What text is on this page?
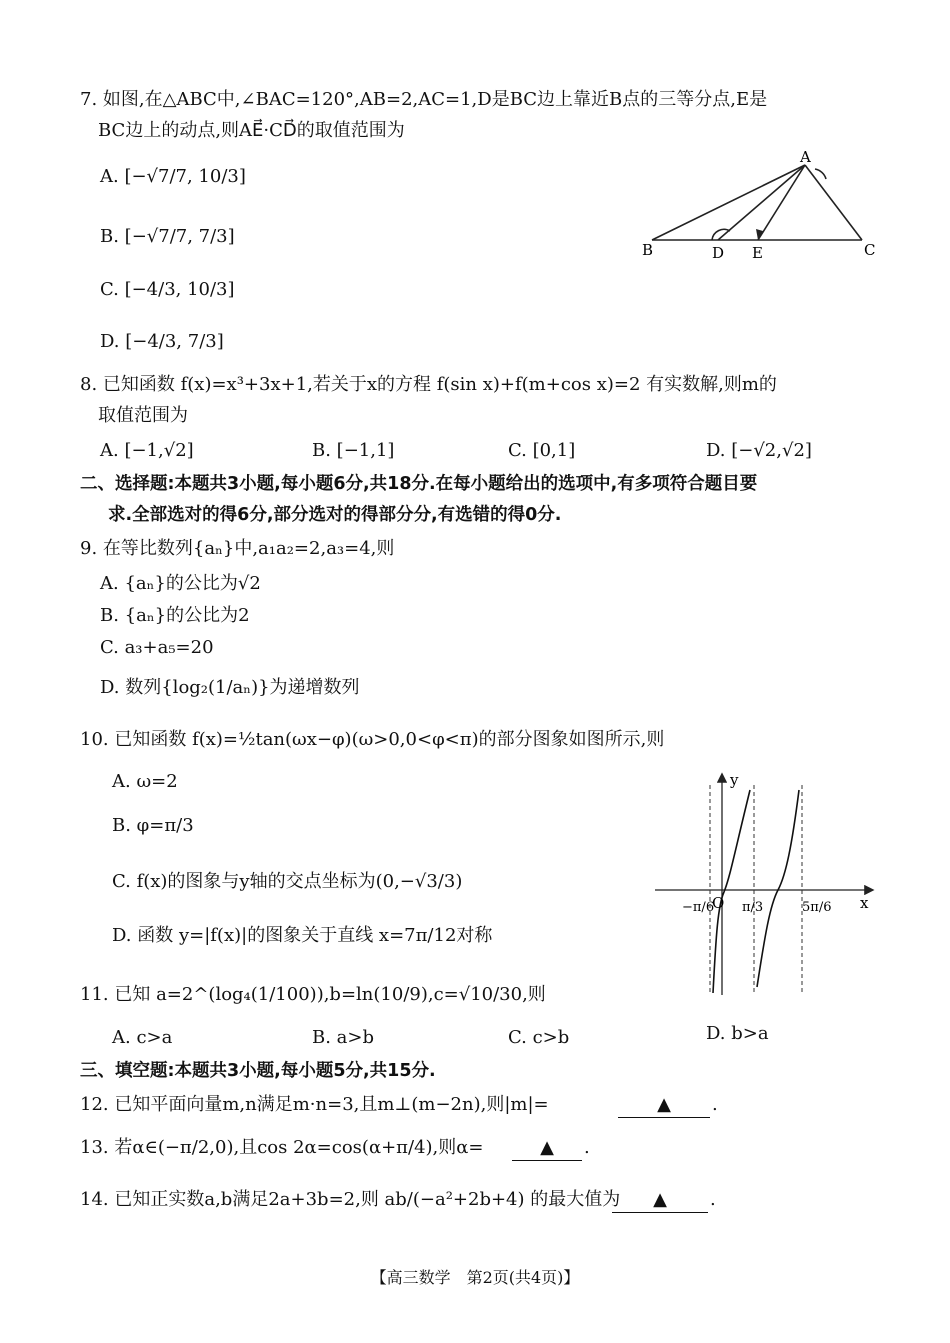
7. 如图,在△ABC中,∠BAC=120°,AB=2,AC=1,D是BC边上靠近B点的三等分点,E是
BC边上的动点,则AE⃗·CD⃗的取值范围为
A. [−√7/7, 10/3]
B. [−√7/7, 7/3]
C. [−4/3, 10/3]
D. [−4/3, 7/3]
A
B	C
D E
8. 已知函数 f(x)=x³+3x+1,若关于x的方程 f(sin x)+f(m+cos x)=2 有实数解,则m的
取值范围为
A. [−1,√2]	B. [−1,1]	C. [0,1]	D. [−√2,√2]
二、选择题:本题共3小题,每小题6分,共18分.在每小题给出的选项中,有多项符合题目要
求.全部选对的得6分,部分选对的得部分分,有选错的得0分.
9. 在等比数列{aₙ}中,a₁a₂=2,a₃=4,则
A. {aₙ}的公比为√2
B. {aₙ}的公比为2
C. a₃+a₅=20
D. 数列{log₂(1/aₙ)}为递增数列
10. 已知函数 f(x)=½tan(ωx−φ)(ω>0,0<φ<π)的部分图象如图所示,则
A. ω=2
B. φ=π/3
C. f(x)的图象与y轴的交点坐标为(0,−√3/3)
D. 函数 y=|f(x)|的图象关于直线 x=7π/12对称
y
x
O
−π/6 π/3	5π/6
11. 已知 a=2^(log₄(1/100)),b=ln(10/9),c=√10/30,则
A. c>a	B. a>b	C. c>b	D. b>a
三、填空题:本题共3小题,每小题5分,共15分.
12. 已知平面向量m,n满足m·n=3,且m⊥(m−2n),则|m|=	▲	.
13. 若α∈(−π/2,0),且cos 2α=cos(α+π/4),则α=	▲	.
14. 已知正实数a,b满足2a+3b=2,则 ab/(−a²+2b+4) 的最大值为	▲	.
【高三数学　第2页(共4页)】
